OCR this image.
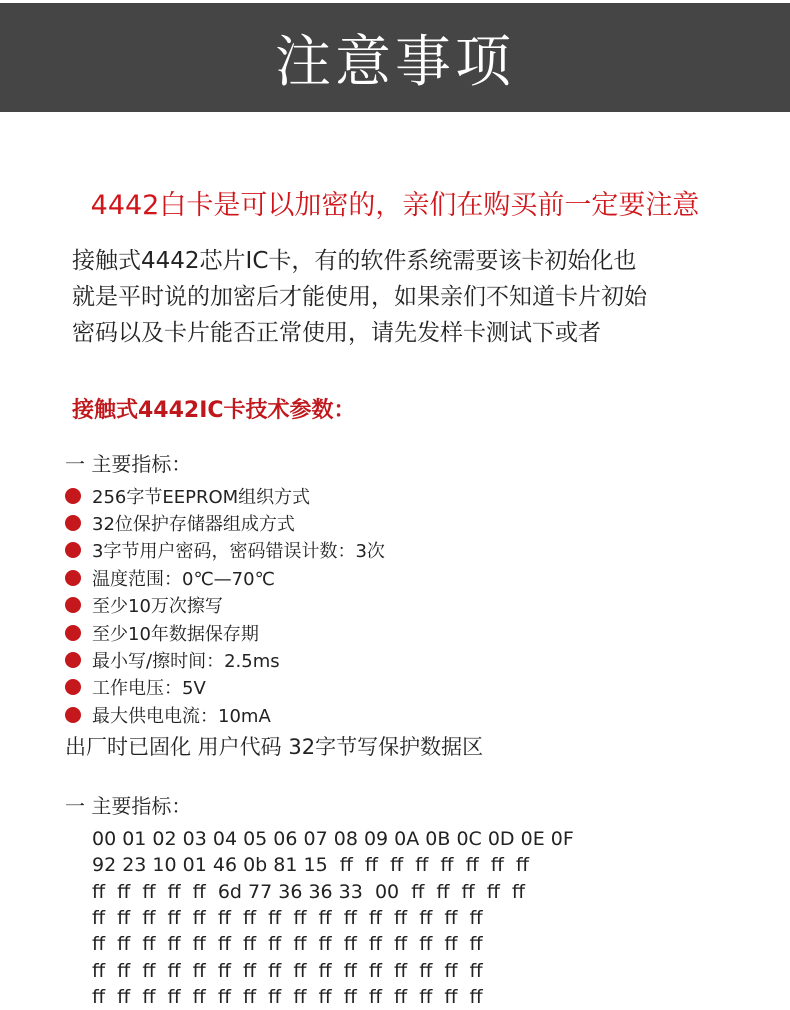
注意事项
4442白卡是可以加密的，亲们在购买前一定要注意
接触式4442芯片IC卡，有的软件系统需要该卡初始化也
就是平时说的加密后才能使用，如果亲们不知道卡片初始
密码以及卡片能否正常使用，请先发样卡测试下或者
接触式4442IC卡技术参数：
一 主要指标：
256字节EEPROM组织方式
32位保护存储器组成方式
3字节用户密码，密码错误计数：3次
温度范围：0℃—70℃
至少10万次擦写
至少10年数据保存期
最小写/擦时间：2.5ms
工作电压：5V
最大供电电流：10mA
出厂时已固化 用户代码 32字节写保护数据区
一 主要指标：
00 01 02 03 04 05 06 07 08 09 0A 0B 0C 0D 0E 0F
92 23 10 01 46 0b 81 15  ff  ff  ff  ff  ff  ff  ff  ff
ff  ff  ff  ff  ff  6d 77 36 36 33  00  ff  ff  ff  ff  ff
ff  ff  ff  ff  ff  ff  ff  ff  ff  ff  ff  ff  ff  ff  ff  ff
ff  ff  ff  ff  ff  ff  ff  ff  ff  ff  ff  ff  ff  ff  ff  ff
ff  ff  ff  ff  ff  ff  ff  ff  ff  ff  ff  ff  ff  ff  ff  ff
ff  ff  ff  ff  ff  ff  ff  ff  ff  ff  ff  ff  ff  ff  ff  ff
